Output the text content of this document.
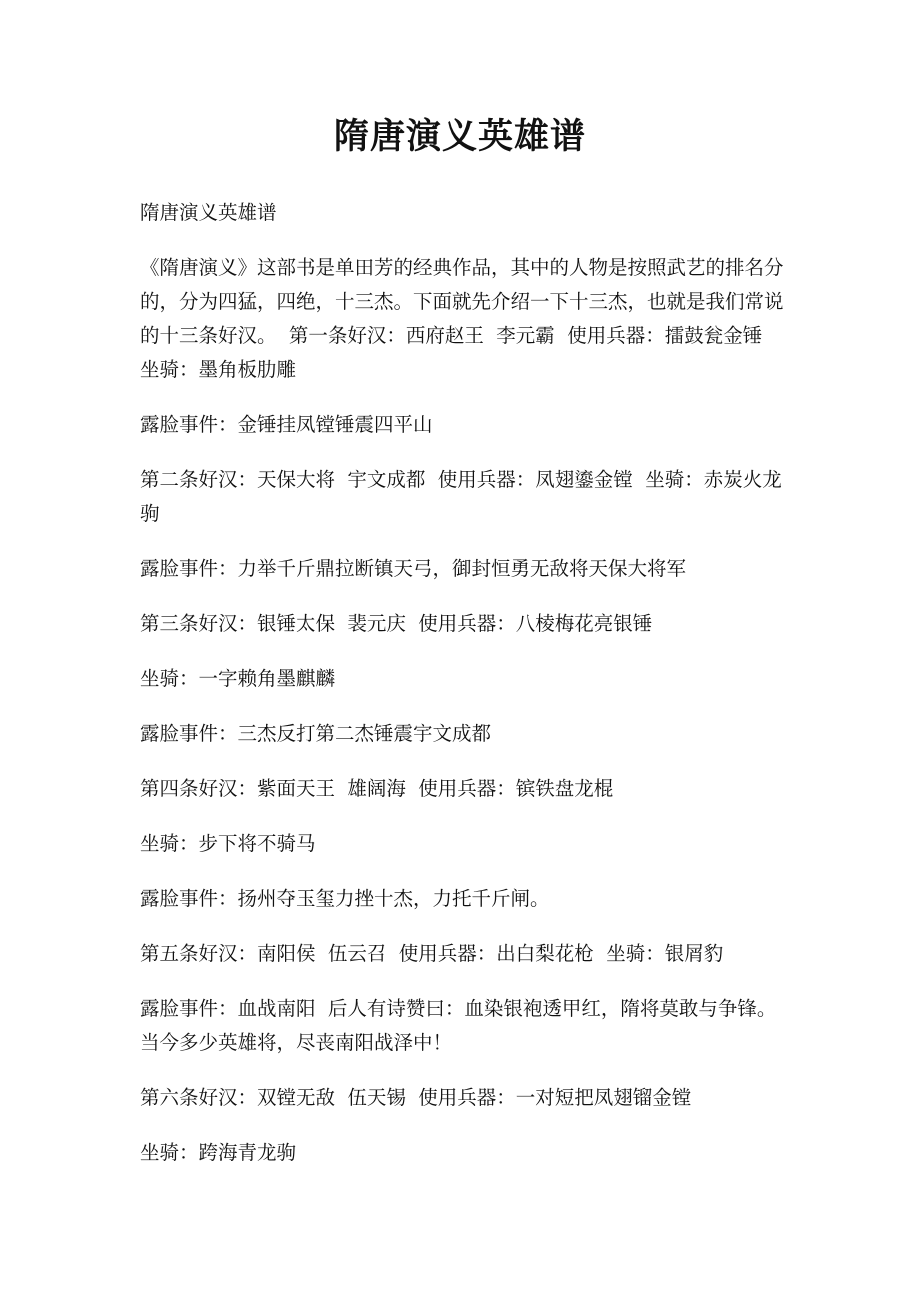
隋唐演义英雄谱

隋唐演义英雄谱

《隋唐演义》这部书是单田芳的经典作品，其中的人物是按照武艺的排名分的，分为四猛，四绝，十三杰。下面就先介绍一下十三杰，也就是我们常说的十三条好汉。  第一条好汉：西府赵王  李元霸  使用兵器：擂鼓瓮金锤  坐骑：墨角板肋雕

露脸事件：金锤挂凤镗锤震四平山

第二条好汉：天保大将  宇文成都  使用兵器：凤翅鎏金镗  坐骑：赤炭火龙驹

露脸事件：力举千斤鼎拉断镇天弓，御封恒勇无敌将天保大将军

第三条好汉：银锤太保  裴元庆  使用兵器：八棱梅花亮银锤

坐骑：一字赖角墨麒麟

露脸事件：三杰反打第二杰锤震宇文成都

第四条好汉：紫面天王  雄阔海  使用兵器：镔铁盘龙棍

坐骑：步下将不骑马

露脸事件：扬州夺玉玺力挫十杰，力托千斤闸。

第五条好汉：南阳侯  伍云召  使用兵器：出白梨花枪  坐骑：银屑豹

露脸事件：血战南阳  后人有诗赞曰：血染银袍透甲红，隋将莫敢与争锋。当今多少英雄将，尽丧南阳战泽中！

第六条好汉：双镗无敌  伍天锡  使用兵器：一对短把凤翅镏金镗

坐骑：跨海青龙驹
